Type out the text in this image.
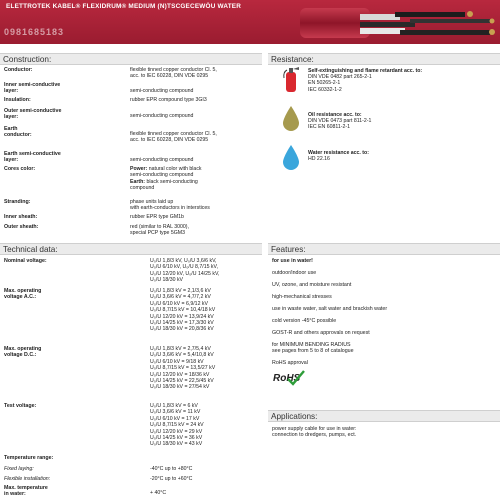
ELETTROTEK KABEL® FLEXIDRUM® MEDIUM (N)TSCGECEWÖU WATER
0981685183
Construction:
Conductor:	flexible tinned copper conductor Cl. 5,
acc. to IEC 60228, DIN VDE 0295
Inner semi-conductive
layer:	semi-conducting compound
Insulation:	rubber EPR compound type 3GI3
Outer semi-conductive
layer:	semi-conducting compound
Earth
conductor:	flexible tinned copper conductor Cl. 5,
acc. to IEC 60228, DIN VDE 0295
Earth semi-conductive
layer:	semi-conducting compound
Cores color:	Power: natural color with black
semi-conducting compound
Earth: black semi-conducting
compound
Stranding:	phase units laid up
with earth-conductors in interstices
Inner sheath:	rubber EPR type GM1b
Outer sheath:	red (similar to RAL 3000),
special PCP type 5GM3
Technical data:
Nominal voltage:	U₀/U 1,8/3 kV, U₀/U 3,6/6 kV,
U₀/U 6/10 kV, U₀/U 8,7/15 kV,
U₀/U 12/20 kV, U₀/U 14/25 kV,
U₀/U 18/30 kV
Max. operating
voltage A.C.:
U₀/U 1,8/3 kV = 2,1/3,6 kV
U₀/U 3,6/6 kV = 4,7/7,2 kV
U₀/U 6/10 kV = 6,9/12 kV
U₀/U 8,7/15 kV = 10,4/18 kV
U₀/U 12/20 kV = 13,9/24 kV
U₀/U 14/25 kV = 17,3/30 kV
U₀/U 18/30 kV = 20,8/36 kV
Max. operating
voltage D.C.:
U₀/U 1,8/3 kV = 2,7/5,4 kV
U₀/U 3,6/6 kV = 5,4/10,8 kV
U₀/U 6/10 kV = 9/18 kV
U₀/U 8,7/15 kV = 13,5/27 kV
U₀/U 12/20 kV = 18/36 kV
U₀/U 14/25 kV = 22,5/45 kV
U₀/U 18/30 kV = 27/54 kV
Test voltage:	U₀/U 1,8/3 kV = 6 kV
U₀/U 3,6/6 kV = 11 kV
U₀/U 6/10 kV = 17 kV
U₀/U 8,7/15 kV = 24 kV
U₀/U 12/20 kV = 29 kV
U₀/U 14/25 kV = 36 kV
U₀/U 18/30 kV = 43 kV
Temperature range:
Fixed laying:	-40°C up to +80°C
Flexible installation:	-20°C up to +60°C
Max. temperature
in water:	+ 40°C
Resistance:
Self-extinguishing and flame retardant acc. to:
DIN VDE 0482 part 265-2-1
EN 50265-2-1
IEC 60332-1-2
Oil resistance acc. to:
DIN VDE 0473 part 811-2-1
IEC EN 60811-2-1
Water resistance acc. to:
HD 22.16
Features:
for use in water!
outdoor/indoor use
UV, ozone, and moisture resistant
high-mechanical stresses
use in waste water, salt water and brackish water
cold version -45°C possible
GOST-R and others approvals on request
for MINIMUM BENDING RADIUS
see pages from 5 to 8 of catalogue
RoHS approval
RoHS
Applications:
power supply cable for use in water:
connection to dredgers, pumps, ect.
